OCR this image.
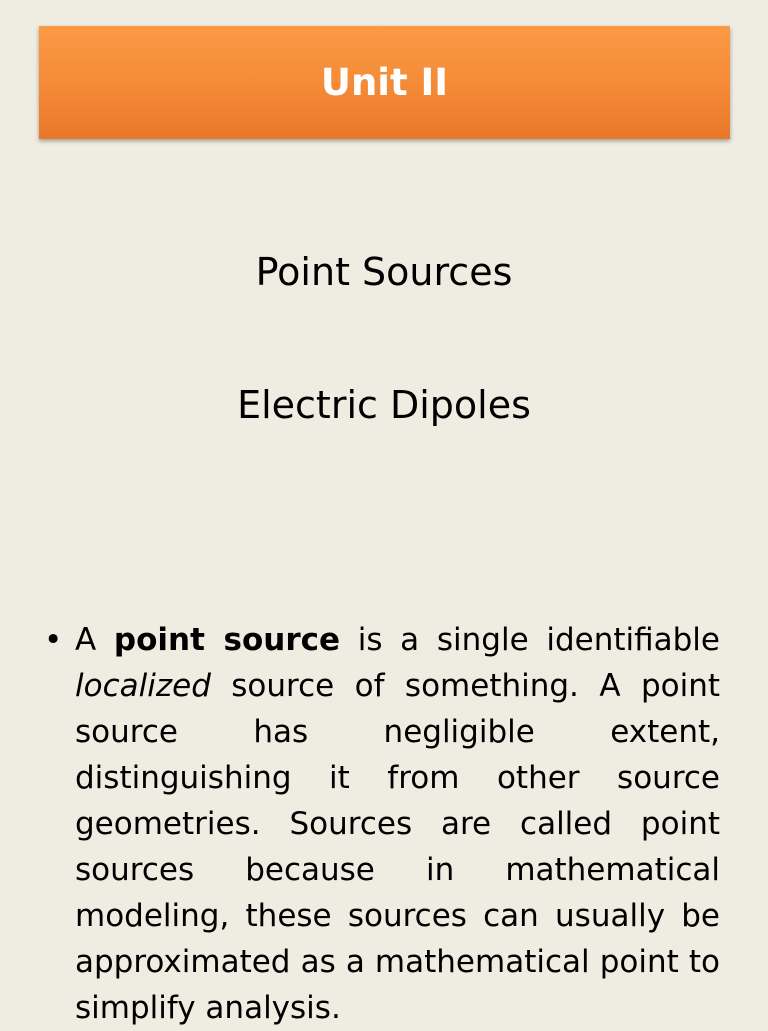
Unit II
Point Sources
Electric Dipoles
• A point source is a single identifiable localized source of something. A point source has negligible extent, distinguishing it from other source geometries. Sources are called point sources because in mathematical modeling, these sources can usually be approximated as a mathematical point to simplify analysis.
